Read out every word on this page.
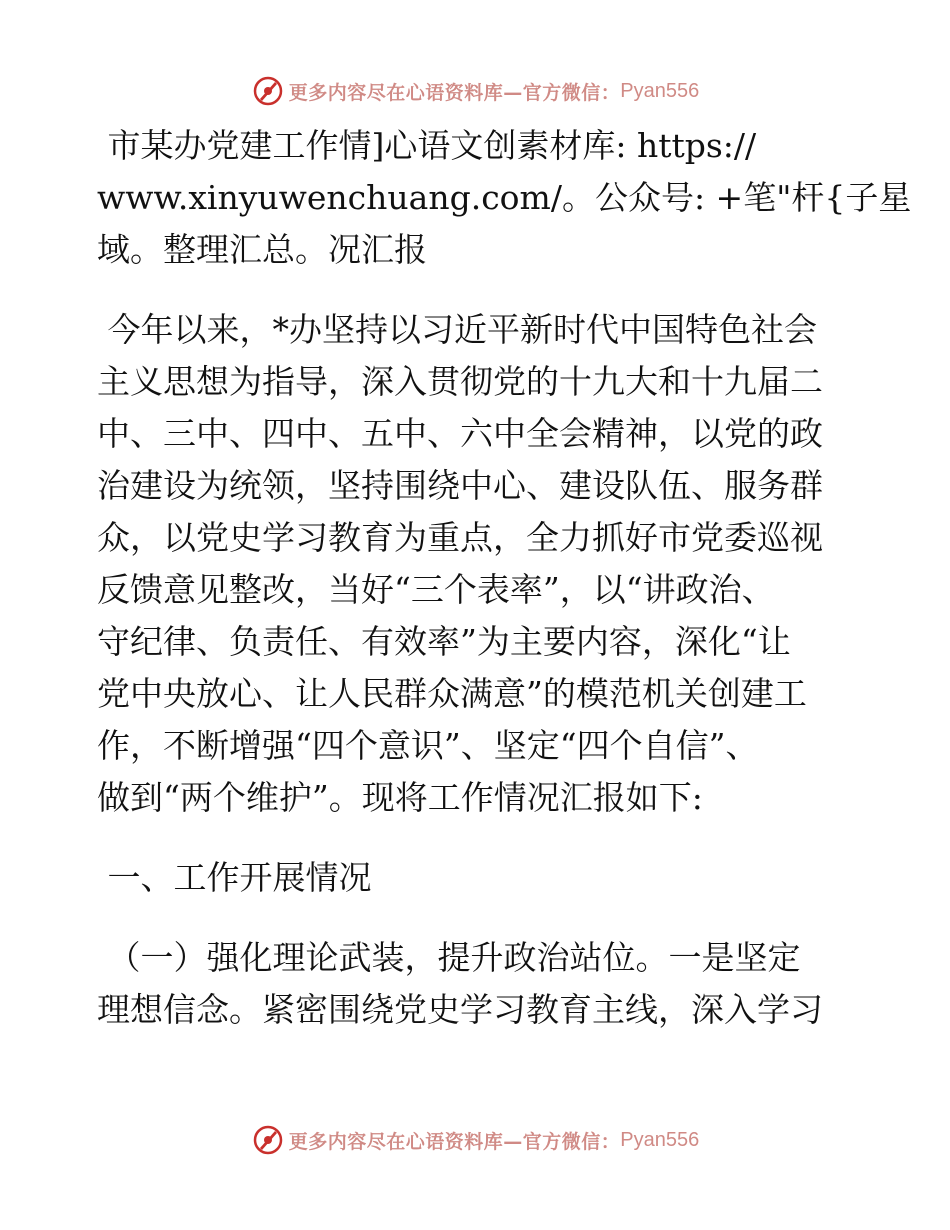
更多内容尽在心语资料库—官方微信： Pyan556
市某办党建工作情]心语文创素材库: https://
www.xinyuwenchuang.com/。公众号: +笔"杆{子星
域。整理汇总。况汇报
今年以来，*办坚持以习近平新时代中国特色社会
主义思想为指导，深入贯彻党的十九大和十九届二
中、三中、四中、五中、六中全会精神，以党的政
治建设为统领，坚持围绕中心、建设队伍、服务群
众，以党史学习教育为重点，全力抓好市党委巡视
反馈意见整改，当好“三个表率”，以“讲政治、
守纪律、负责任、有效率”为主要内容，深化“让
党中央放心、让人民群众满意”的模范机关创建工
作，不断增强“四个意识”、坚定“四个自信”、
做到“两个维护”。现将工作情况汇报如下:
一、工作开展情况
（一）强化理论武装，提升政治站位。一是坚定
理想信念。紧密围绕党史学习教育主线，深入学习
更多内容尽在心语资料库—官方微信： Pyan556
